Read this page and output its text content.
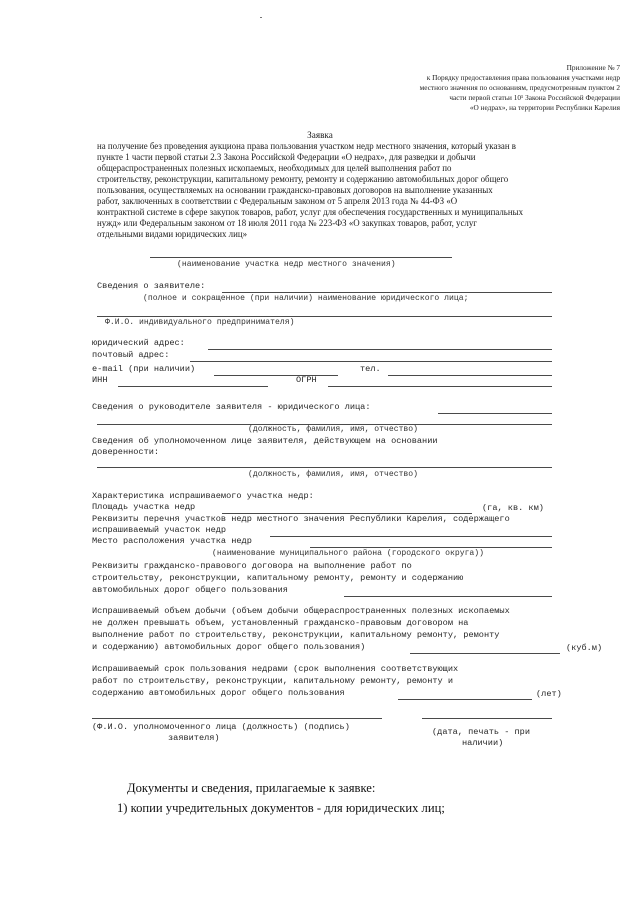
Приложение № 7
к Порядку предоставления права пользования участками недр
местного значения по основаниям, предусмотренным пунктом 2
части первой статьи 10¹ Закона Российской Федерации
«О недрах», на территории Республики Карелия
Заявка
на получение без проведения аукциона права пользования участком недр местного значения, который указан в
пункте 1 части первой статьи 2.3 Закона Российской Федерации «О недрах», для разведки и добычи
общераспространенных полезных ископаемых, необходимых для целей выполнения работ по
строительству, реконструкции, капитальному ремонту, ремонту и содержанию автомобильных дорог общего
пользования, осуществляемых на основании гражданско-правовых договоров на выполнение указанных
работ, заключенных в соответствии с Федеральным законом от 5 апреля 2013 года № 44-ФЗ «О
контрактной системе в сфере закупок товаров, работ, услуг для обеспечения государственных и муниципальных
нужд» или Федеральным законом от 18 июля 2011 года № 223-ФЗ «О закупках товаров, работ, услуг
отдельными видами юридических лиц»
(наименование участка недр местного значения)
Сведения о заявителе:
(полное и сокращенное (при наличии) наименование юридического лица;
Ф.И.О. индивидуального предпринимателя)
юридический адрес:
почтовый адрес:
e-mail (при наличии)	тел.
ИНН	ОГРН
Сведения о руководителе заявителя - юридического лица:
(должность, фамилия, имя, отчество)
Сведения об уполномоченном лице заявителя, действующем на основании
доверенности:
(должность, фамилия, имя, отчество)
Характеристика испрашиваемого участка недр:
Площадь участка недр	(га, кв. км)
Реквизиты перечня участков недр местного значения Республики Карелия, содержащего
испрашиваемый участок недр
Место расположения участка недр
(наименование муниципального района (городского округа))
Реквизиты гражданско-правового договора на выполнение работ по
строительству, реконструкции, капитальному ремонту, ремонту и содержанию
автомобильных дорог общего пользования
Испрашиваемый объем добычи (объем добычи общераспространенных полезных ископаемых
не должен превышать объем, установленный гражданско-правовым договором на
выполнение работ по строительству, реконструкции, капитальному ремонту, ремонту
и содержанию) автомобильных дорог общего пользования)	(куб.м)
Испрашиваемый срок пользования недрами (срок выполнения соответствующих
работ по строительству, реконструкции, капитальному ремонту, ремонту и
содержанию автомобильных дорог общего пользования	(лет)
(Ф.И.О. уполномоченного лица (должность) (подпись)
заявителя)
(дата, печать - при
наличии)
Документы и сведения, прилагаемые к заявке:
1) копии учредительных документов - для юридических лиц;
